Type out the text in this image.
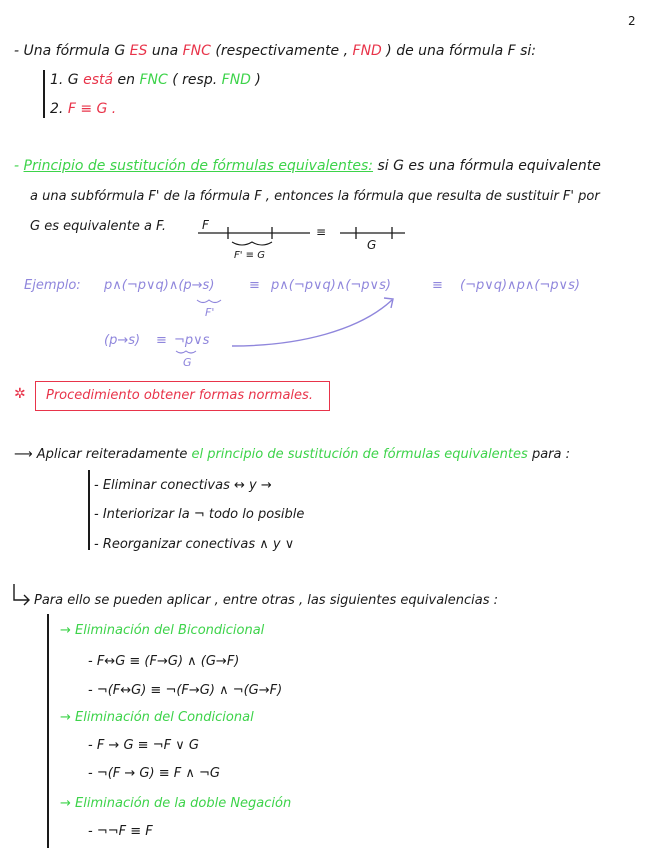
2
- Una fórmula G ES una FNC (respectivamente , FND ) de una fórmula F si:
1. G está en FNC ( resp. FND )
2. F ≡ G .
- Principio de sustitución de fórmulas equivalentes: si G es una fórmula equivalente
a una subfórmula F' de la fórmula F , entonces la fórmula que resulta de sustituir F' por
G es equivalente a F.	F	≡
G
F' ≡ G
Ejemplo: p∧(¬p∨q)∧(p→s)	≡ p∧(¬p∨q)∧(¬p∨s)	≡ (¬p∨q)∧p∧(¬p∨s)
F'
(p→s) ≡ ¬p∨s
G
✲ Procedimiento obtener formas normales.
⟶ Aplicar reiteradamente el principio de sustitución de fórmulas equivalentes para :
- Eliminar conectivas ↔ y →
- Interiorizar la ¬ todo lo posible
- Reorganizar conectivas ∧ y ∨
Para ello se pueden aplicar , entre otras , las siguientes equivalencias :
→ Eliminación del Bicondicional
- F↔G ≡ (F→G) ∧ (G→F)
- ¬(F↔G) ≡ ¬(F→G) ∧ ¬(G→F)
→ Eliminación del Condicional
- F → G ≡ ¬F ∨ G
- ¬(F → G) ≡ F ∧ ¬G
→ Eliminación de la doble Negación
- ¬¬F ≡ F
